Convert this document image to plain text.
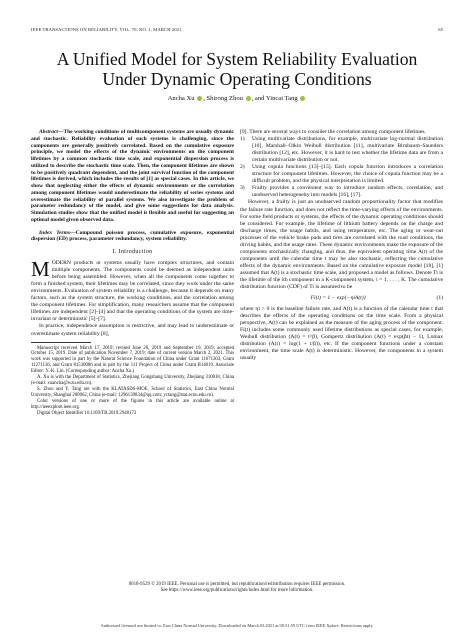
IEEE TRANSACTIONS ON RELIABILITY, VOL. 70, NO. 1, MARCH 2021	65
A Unified Model for System Reliability Evaluation
Under Dynamic Operating Conditions
Ancha Xu , Shirong Zhou , and Yincai Tang

Abstract—The working conditions of multicomponent systems are usually dynamic and stochastic. Reliability evaluation of such systems is challenging, since the components are generally positively correlated. Based on the cumulative exposure principle, we model the effects of the dynamic environments on the component lifetimes by a common stochastic time scale, and exponential dispersion process is utilized to describe the stochastic time scale. Then, the component lifetimes are shown to be positively quadrant dependent, and the joint survival function of the component lifetimes is derived, which includes the results of [1] as special cases. In this article, we show that neglecting either the effects of dynamic environments or the correlation among component lifetimes would underestimate the reliability of series systems and overestimate the reliability of parallel systems. We also investigate the problem of parameter redundancy of the model, and give some suggestions for data analysis. Simulation studies show that the unified model is flexible and useful for suggesting an optimal model given observed data.

Index Terms—Compound poisson process, cumulative exposure, exponential dispersion (ED) process, parameter redundancy, system reliability.

I. Introduction

MODERN products or systems usually have complex structures, and contain multiple components. The components could be deemed as independent units before being assembled. However, when all the components come together to form a finished system, their lifetimes may be correlated, since they work under the same environments. Evaluation of system reliability is a challenge, because it depends on many factors, such as the system structure, the working conditions, and the correlation among the component lifetimes. For simplification, many researchers assume that the component lifetimes are independent [2]–[4] and that the operating conditions of the system are time-invariant or deterministic [5]–[7].

In practice, independence assumption is restrictive, and may lead to underestimate or overestimate system reliability [8],

Manuscript received March 17, 2019; revised June 26, 2019 and September 19, 2019; accepted October 15, 2019. Date of publication November 7, 2019; date of current version March 2, 2021. This work was supported in part by the Natural Science Foundation of China under Grant 11671303, Grant 11271136, and Grant 81530086 and in part by the 111 Project of China under Grant B14019. Associate Editor: Y.-K. Lin. (Corresponding author: Ancha Xu.)

A. Xu is with the Department of Statistics, Zhejiang Gongshang University, Zhejiang 310018, China (e-mail: xuancha@wzu.edu.cn).

S. Zhou and Y. Tang are with the KLATASDS-MOE, School of Statistics, East China Normal University, Shanghai 200062, China (e-mail: 1296139834@qq.com; yctang@stat.ecnu.edu.cn).

Color versions of one or more of the figures in this article are available online at http://ieeexplore.ieee.org.

Digital Object Identifier 10.1109/TR.2019.2948173

[9]. There are several ways to consider the correlation among component lifetimes.

1) Using multivariate distributions, for example, multivariate log-normal distribution [10], Marshall–Olkin Weibull distribution [11], multivariate Birnbaum–Saunders distribution [12], etc. However, it is hard to test whether the lifetime data are from a certain multivariate distribution or not.
2) Using copula functions [13]–[15]. Each copula function introduces a correlation structure for component lifetimes. However, the choice of copula function may be a difficult problem, and the physical interpretation is limited.
3) Frailty provides a convenient way to introduce random effects, correlation, and unobserved heterogeneity into models [16], [17].

However, a frailty is just an unobserved random proportionality factor that modifies the failure rate function, and does not reflect the time-varying effects of the environments. For some field products or systems, the effects of the dynamic operating conditions should be considered. For example, the lifetime of lithium battery depends on the charge and discharge times, the usage habits, and using temperature, etc. The aging or wear-out processes of the vehicle brake pads and tires are correlated with the road conditions, the driving habits, and the usage rates. These dynamic environments make the exposure of the components stochastically changing, and thus, the equivalent operating time A(t) of the components until the calendar time t may be also stochastic, reflecting the cumulative effects of the dynamic environments. Based on the cumulative exposure model [18], [1] assumed that A(t) is a stochastic time scale, and proposed a model as follows. Denote Ti is the lifetime of the ith component in a K-component system, i = 1, . . . , K. The cumulative distribution function (CDF) of Ti is assumed to be

Fi(t) = 1 − exp{−ηiA(t)}	(1)

where ηi > 0 is the baseline failure rate, and A(t) is a function of the calendar time t that describes the effects of the operating conditions on the time scale. From a physical perspective, A(t) can be explained as the measure of the aging process of the component. Fi(t) includes some commonly used lifetime distributions as special cases, for example, Weibull distribution (A(t) = t^β), Gompertz distribution (A(t) = exp(βt) − 1), Lomax distribution (A(t) = log(1 + t/β)), etc. If the component functions under a constant environment, the time scale A(t) is deterministic. However, the components in a system usually

0018-9529 © 2019 IEEE. Personal use is permitted, but republication/redistribution requires IEEE permission.
See https://www.ieee.org/publications/rights/index.html for more information.
Authorized licensed use limited to: East China Normal University. Downloaded on March 03,2021 at 00:51:59 UTC from IEEE Xplore. Restrictions apply.
